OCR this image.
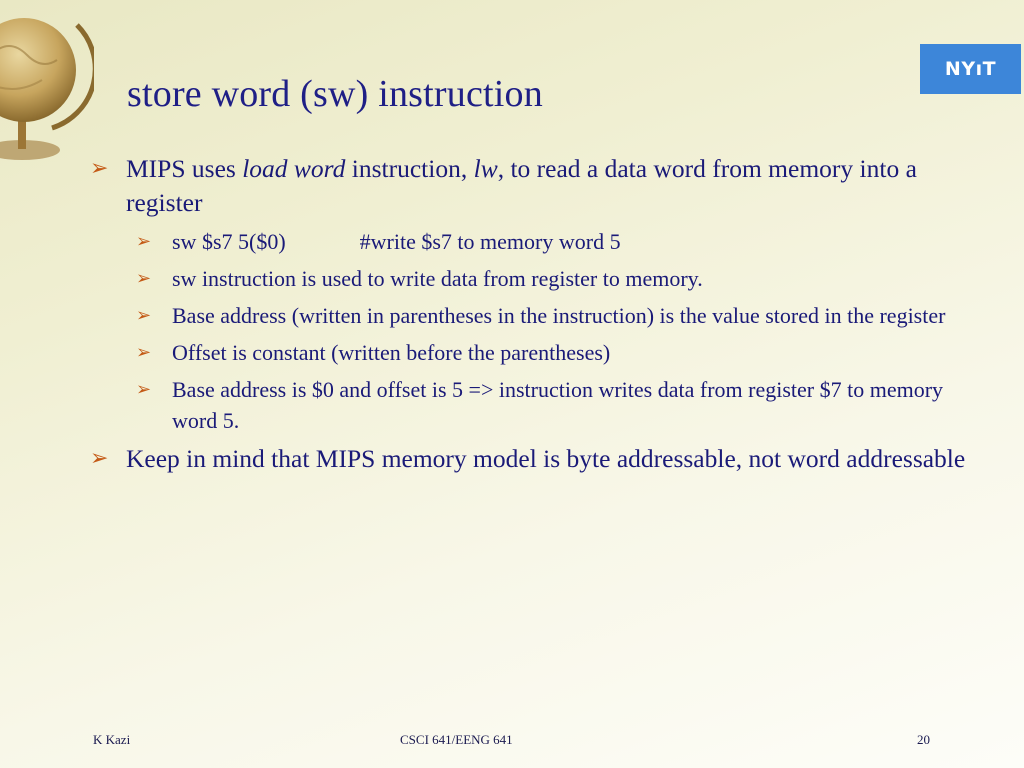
store word (sw) instruction
NYıT
➢ MIPS uses load word instruction, lw, to read a data word from memory into a register
➢ sw $s7 5($0)	#write $s7 to memory word 5
➢ sw instruction is used to write data from register to memory.
➢ Base address (written in parentheses in the instruction) is the value stored in the register
➢ Offset is constant (written before the parentheses)
➢ Base address is $0 and offset is 5 => instruction writes data from register $7 to memory word 5.
➢ Keep in mind that MIPS memory model is byte addressable, not word addressable
K Kazi	CSCI 641/EENG 641	20
